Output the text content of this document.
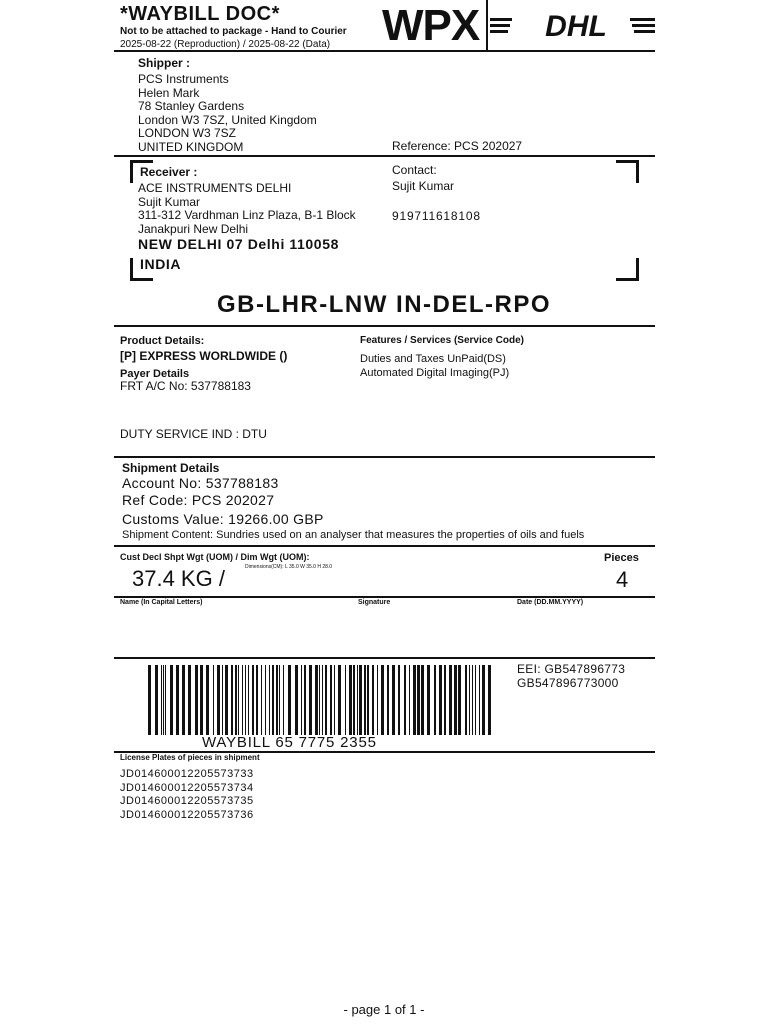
*WAYBILL DOC*
Not to be attached to package - Hand to Courier
2025-08-22 (Reproduction) / 2025-08-22 (Data) WPX DHL
Shipper :
PCS Instruments
Helen Mark
78 Stanley Gardens
London W3 7SZ, United Kingdom
LONDON W3 7SZ
UNITED KINGDOM	Reference: PCS 202027
Receiver :
ACE INSTRUMENTS DELHI
Sujit Kumar
311-312 Vardhman Linz Plaza, B-1 Block
Janakpuri New Delhi
NEW DELHI 07 Delhi 110058
INDIA
Contact:
Sujit Kumar
919711618108
GB-LHR-LNW IN-DEL-RPO
Product Details:
[P] EXPRESS WORLDWIDE ()
Payer Details
FRT A/C No: 537788183
Features / Services (Service Code)
Duties and Taxes UnPaid(DS)
Automated Digital Imaging(PJ)
DUTY SERVICE IND : DTU
Shipment Details
Account No: 537788183
Ref Code: PCS 202027
Customs Value: 19266.00 GBP
Shipment Content: Sundries used on an analyser that measures the properties of oils and fuels
Cust Decl Shpt Wgt (UOM) / Dim Wgt (UOM):
37.4 KG /	Dimensions(CM): L 35.0 W 35.0 H 28.0
Pieces
4
Name (In Capital Letters)	Signature	Date (DD.MM.YYYY)
WAYBILL 65 7775 2355
EEI: GB547896773
GB547896773000
License Plates of pieces in shipment
JD014600012205573733
JD014600012205573734
JD014600012205573735
JD014600012205573736
- page 1 of 1 -
